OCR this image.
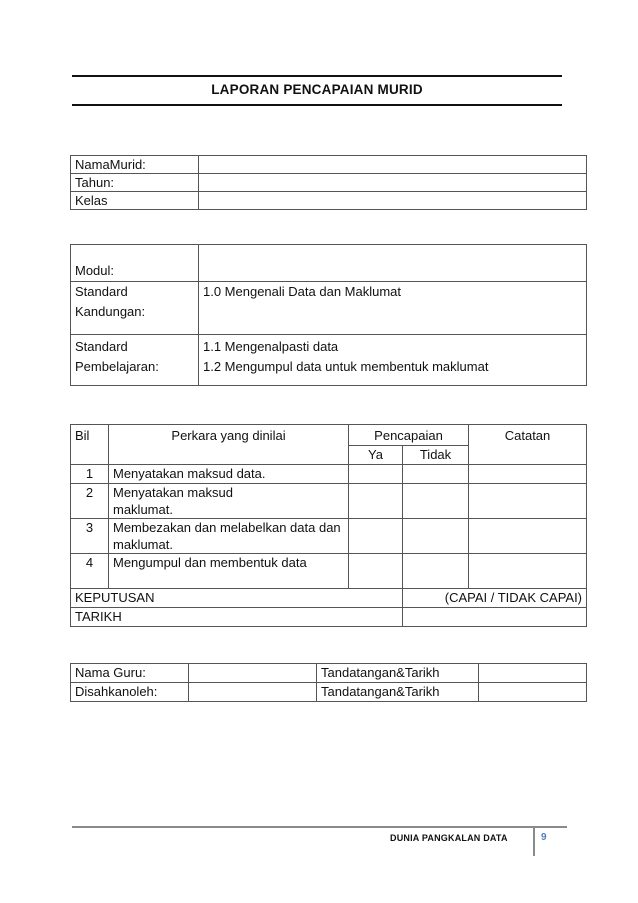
LAPORAN PENCAPAIAN MURID
NamaMurid:	
Tahun:	
Kelas	
Modul:	

Standard Kandungan:	1.0 Mengenali Data dan Maklumat

Standard Pembelajaran:	1.1 Mengenalpasti data
1.2 Mengumpul data untuk membentuk maklumat
Bil	Perkara yang dinilai	Pencapaian		Catatan
		Ya	Tidak	
1	Menyatakan maksud data.			
2	Menyatakan maksud maklumat.			

3	Membezakan dan melabelkan data dan maklumat.			

4	Mengumpul dan membentuk data			

KEPUTUSAN			(CAPAI / TIDAK CAPAI)	
TARIKH				
Nama Guru:		Tandatangan&Tarikh	
Disahkanoleh:		Tandatangan&Tarikh	
DUNIA PANGKALAN DATA	9
